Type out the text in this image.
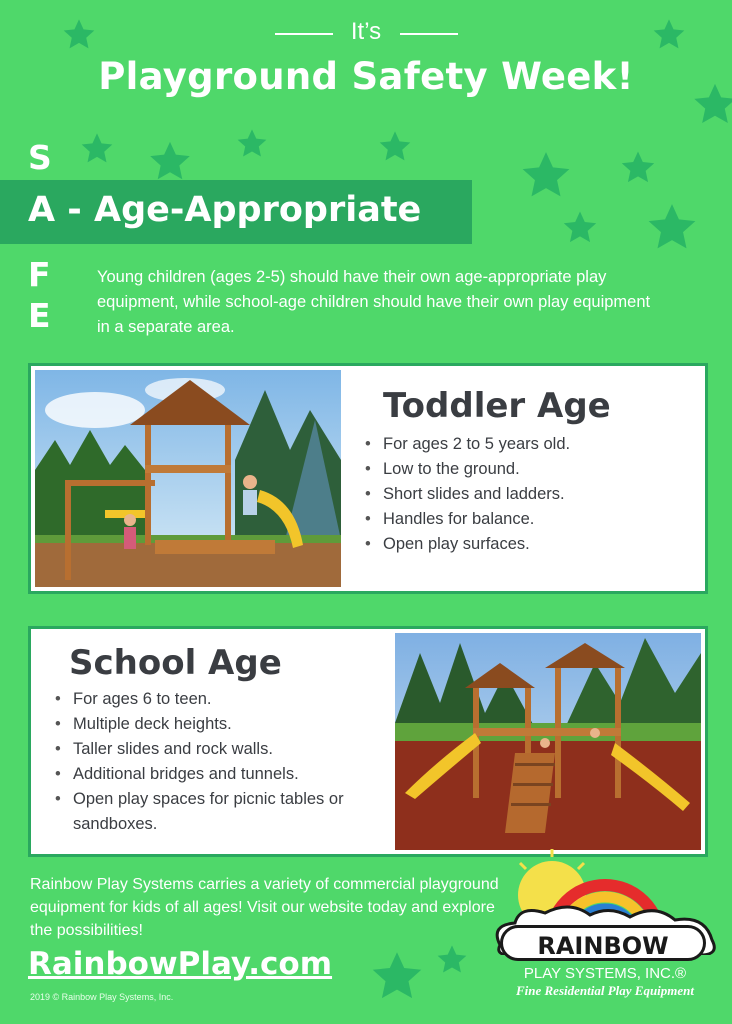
It’s
Playground Safety Week!
S
A - Age-Appropriate
F
E
Young children (ages 2-5) should have their own age-appropriate play equipment, while school-age children should have their own play equipment in a separate area.
Toddler Age
• For ages 2 to 5 years old.
• Low to the ground.
• Short slides and ladders.
• Handles for balance.
• Open play surfaces.
School Age
• For ages 6 to teen.
• Multiple deck heights.
• Taller slides and rock walls.
• Additional bridges and tunnels.
• Open play spaces for picnic tables or sandboxes.
Rainbow Play Systems carries a variety of commercial playground equipment for kids of all ages! Visit our website today and explore the possibilities!
RainbowPlay.com
2019 © Rainbow Play Systems, Inc.
RAINBOW
PLAY SYSTEMS, INC.®
Fine Residential Play Equipment
